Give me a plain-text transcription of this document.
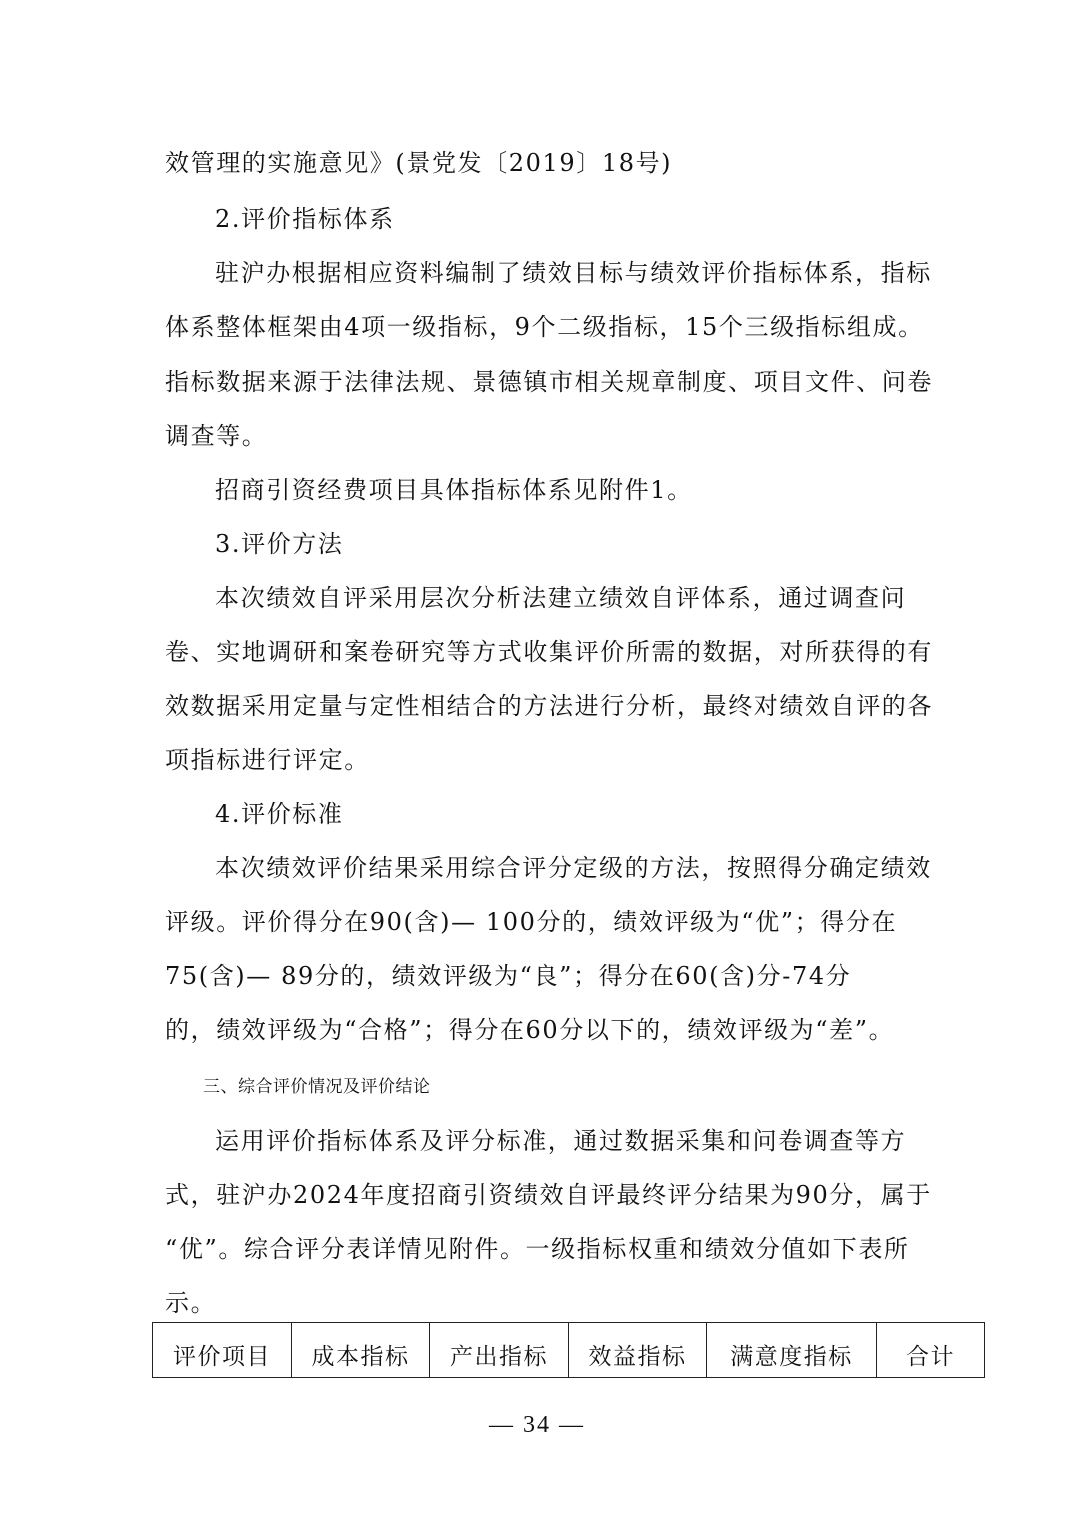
效管理的实施意见》(景党发〔2019〕18号)
2.评价指标体系
驻沪办根据相应资料编制了绩效目标与绩效评价指标体系，指标
体系整体框架由4项一级指标，9个二级指标，15个三级指标组成。
指标数据来源于法律法规、景德镇市相关规章制度、项目文件、问卷
调查等。
招商引资经费项目具体指标体系见附件1。
3.评价方法
本次绩效自评采用层次分析法建立绩效自评体系，通过调查问
卷、实地调研和案卷研究等方式收集评价所需的数据，对所获得的有
效数据采用定量与定性相结合的方法进行分析，最终对绩效自评的各
项指标进行评定。
4.评价标准
本次绩效评价结果采用综合评分定级的方法，按照得分确定绩效
评级。评价得分在90(含)— 100分的，绩效评级为“优”；得分在
75(含)— 89分的，绩效评级为“良”；得分在60(含)分-74分
的，绩效评级为“合格”；得分在60分以下的，绩效评级为“差”。
三、综合评价情况及评价结论
运用评价指标体系及评分标准，通过数据采集和问卷调查等方
式，驻沪办2024年度招商引资绩效自评最终评分结果为90分，属于
“优”。综合评分表详情见附件。一级指标权重和绩效分值如下表所
示。
评价项目	成本指标	产出指标	效益指标	满意度指标	合计
— 34 —
